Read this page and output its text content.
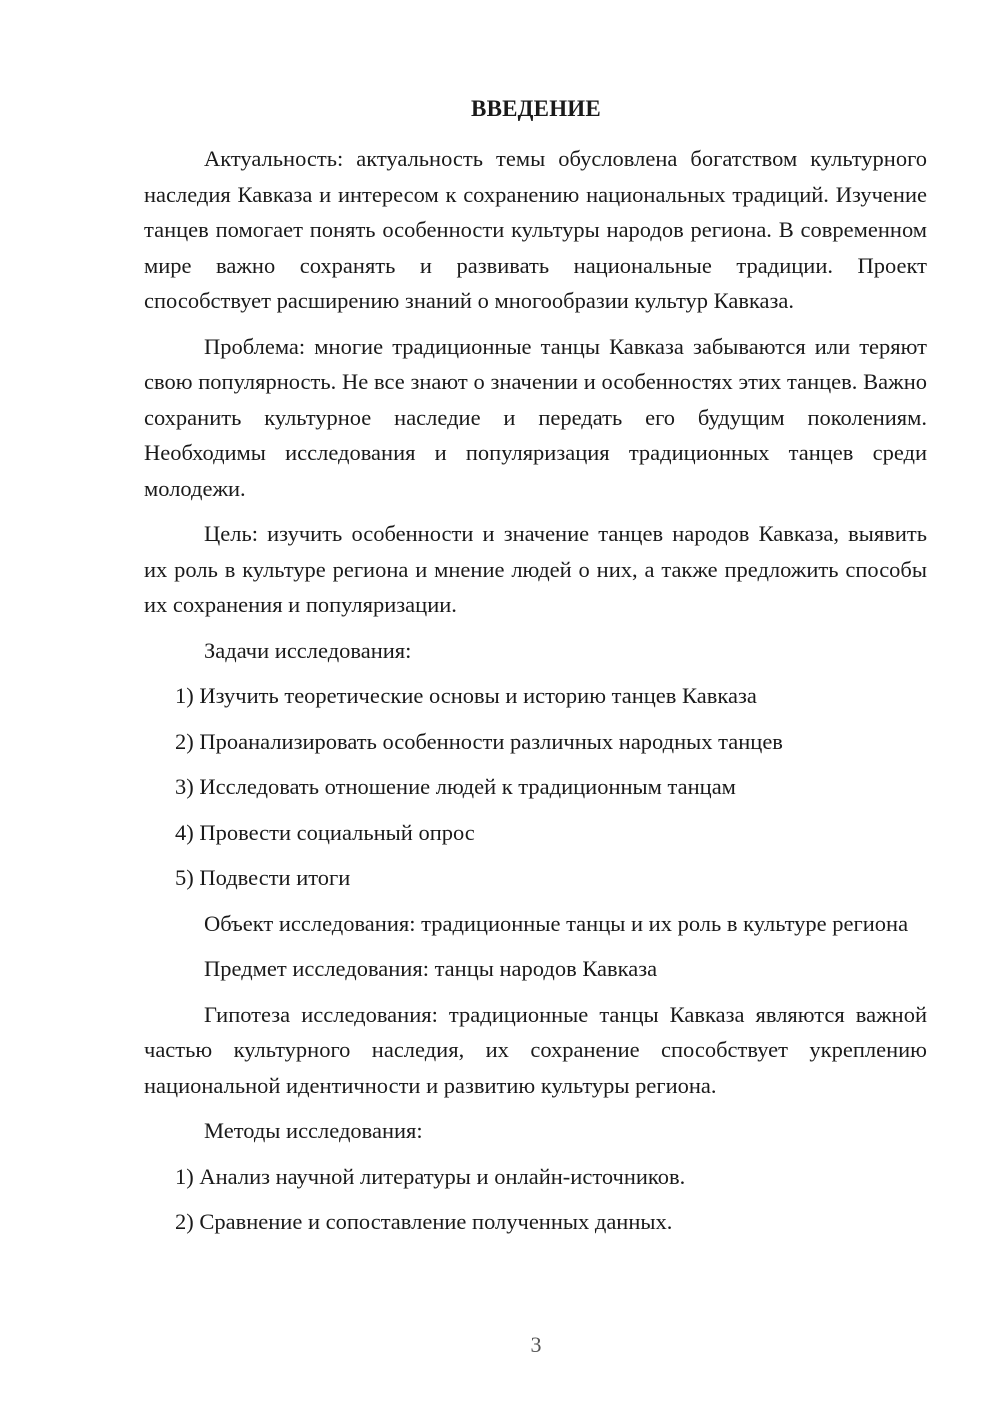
ВВЕДЕНИЕ

Актуальность: актуальность темы обусловлена богатством культурного наследия Кавказа и интересом к сохранению национальных традиций. Изучение танцев помогает понять особенности культуры народов региона. В современном мире важно сохранять и развивать национальные традиции. Проект способствует расширению знаний о многообразии культур Кавказа.

Проблема: многие традиционные танцы Кавказа забываются или теряют свою популярность. Не все знают о значении и особенностях этих танцев. Важно сохранить культурное наследие и передать его будущим поколениям. Необходимы исследования и популяризация традиционных танцев среди молодежи.

Цель: изучить особенности и значение танцев народов Кавказа, выявить их роль в культуре региона и мнение людей о них, а также предложить способы их сохранения и популяризации.

Задачи исследования:

1) Изучить теоретические основы и историю танцев Кавказа

2) Проанализировать особенности различных народных танцев

3) Исследовать отношение людей к традиционным танцам

4) Провести социальный опрос

5) Подвести итоги

Объект исследования: традиционные танцы и их роль в культуре региона

Предмет исследования: танцы народов Кавказа

Гипотеза исследования: традиционные танцы Кавказа являются важной частью культурного наследия, их сохранение способствует укреплению национальной идентичности и развитию культуры региона.

Методы исследования:

1) Анализ научной литературы и онлайн-источников.

2) Сравнение и сопоставление полученных данных.

3
